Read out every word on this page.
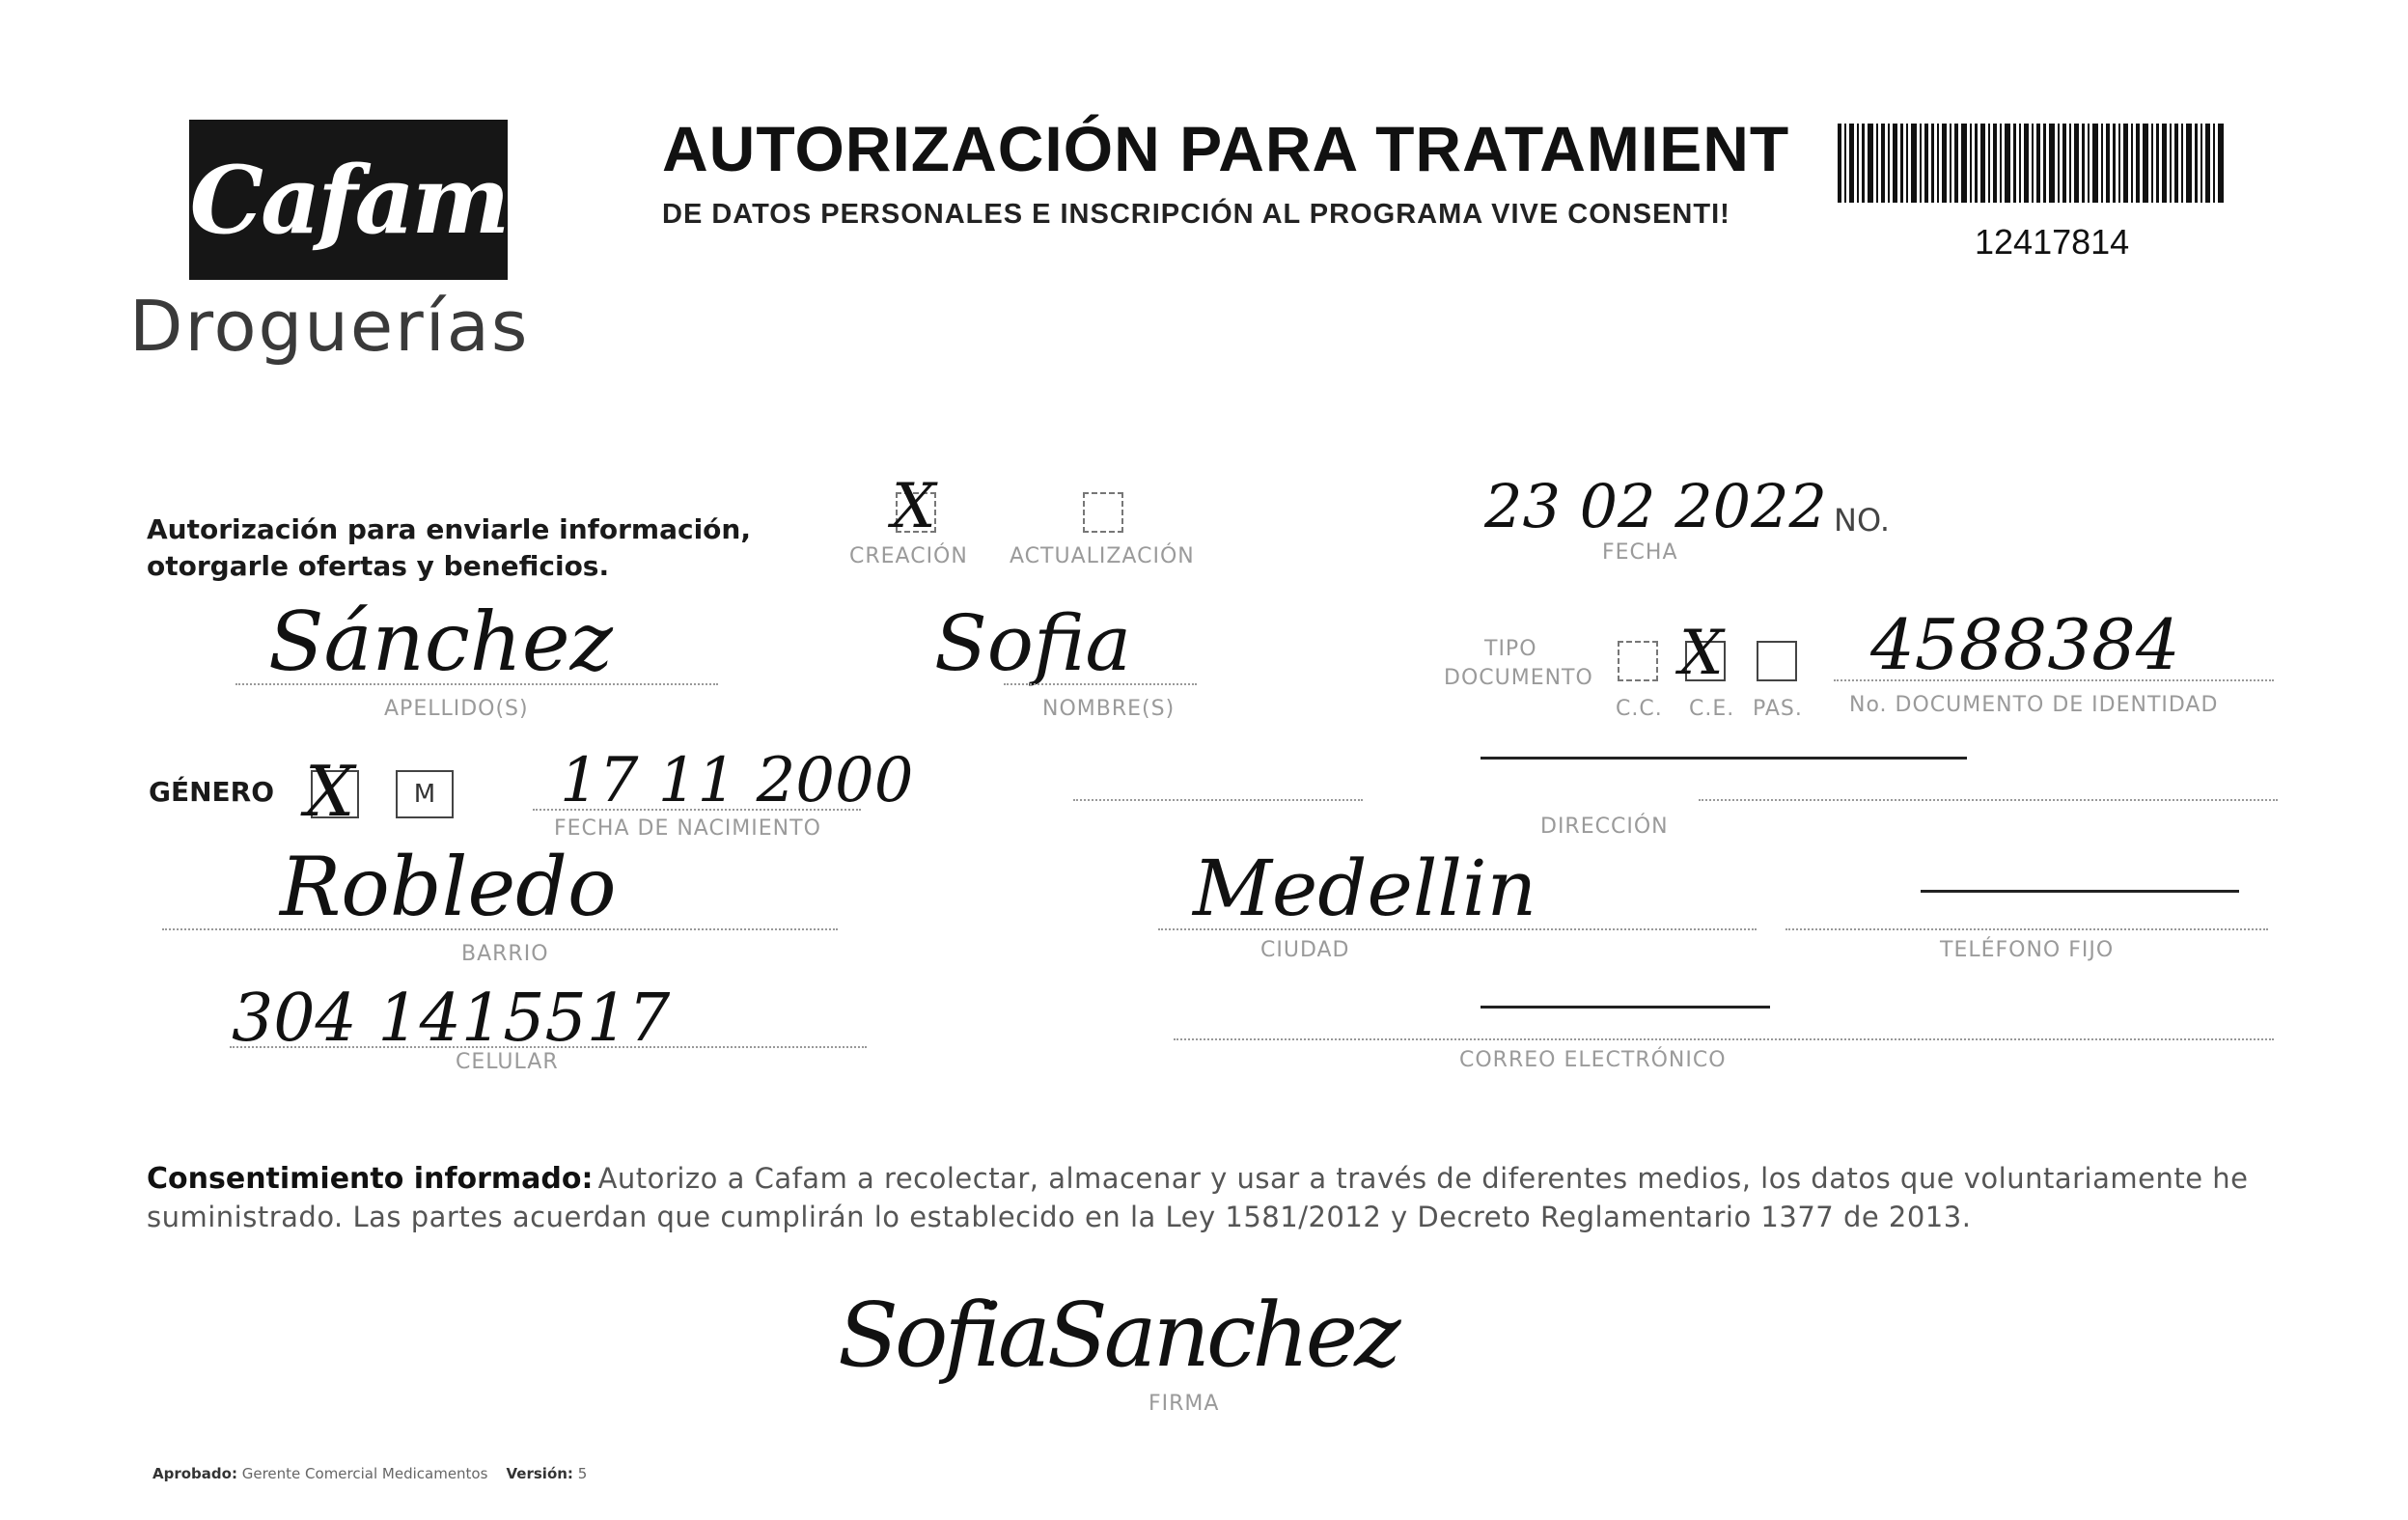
Cafam
Droguerías
AUTORIZACIÓN PARA TRATAMIENT
DE DATOS PERSONALES E INSCRIPCIÓN AL PROGRAMA VIVE CONSENTI!
12417814
Autorización para enviarle información,
otorgarle ofertas y beneficios.
X
CREACIÓN ACTUALIZACIÓN
23 02 2022 NO.
FECHA
Sánchez
APELLIDO(S)
Sofia
NOMBRE(S)
TIPO
DOCUMENTO X
C.C. C.E. PAS.
4588384
No. DOCUMENTO DE IDENTIDAD
GÉNERO X	M 17 11 2000
FECHA DE NACIMIENTO	DIRECCIÓN
Robledo
BARRIO
Medellin
CIUDAD	TELÉFONO FIJO
304 1415517
CELULAR	CORREO ELECTRÓNICO
Consentimiento informado: Autorizo a Cafam a recolectar, almacenar y usar a través de diferentes medios, los datos que voluntariamente he
suministrado. Las partes acuerdan que cumplirán lo establecido en la Ley 1581/2012 y Decreto Reglamentario 1377 de 2013.
SofiaSanchez
FIRMA
Aprobado: Gerente Comercial Medicamentos Versión: 5
